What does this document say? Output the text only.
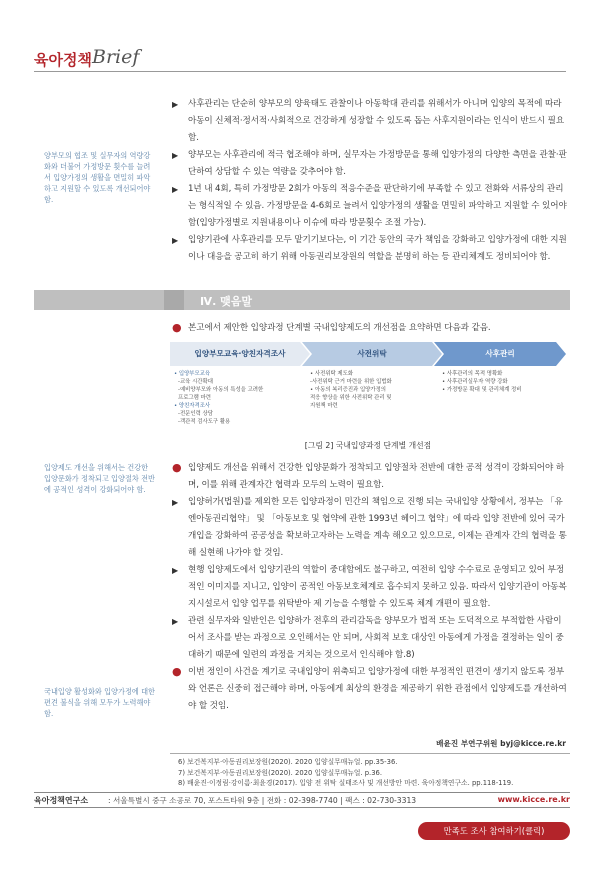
육아정책 Brief
양부모의 협조 및 실무자의 역량강화와 더불어 가정방문 횟수를 늘려서 입양가정의 생활을 면밀히 파악하고 지원할 수 있도록 개선되어야 함.
▶	사후관리는 단순히 양부모의 양육태도 관찰이나 아동학대 관리를 위해서가 아니며 입양의 목적에 따라 아동이 신체적·정서적·사회적으로 건강하게 성장할 수 있도록 돕는 사후지원이라는 인식이 반드시 필요함.
▶	양부모는 사후관리에 적극 협조해야 하며, 실무자는 가정방문을 통해 입양가정의 다양한 측면을 관찰·판단하여 상담할 수 있는 역량을 갖추어야 함.
▶	1년 내 4회, 특히 가정방문 2회가 아동의 적응수준을 판단하기에 부족할 수 있고 전화와 서류상의 관리는 형식적일 수 있음. 가정방문을 4-6회로 늘려서 입양가정의 생활을 면밀히 파악하고 지원할 수 있어야 함(입양가정별로 지원내용이나 이슈에 따라 방문횟수 조절 가능).
▶	입양기관에 사후관리를 모두 맡기기보다는, 이 기간 동안의 국가 책임을 강화하고 입양가정에 대한 지원이나 대응을 공고히 하기 위해 아동권리보장원의 역할을 분명히 하는 등 관리체계도 정비되어야 함.
Ⅳ. 맺음말
● 본고에서 제안한 입양과정 단계별 국내입양제도의 개선점을 요약하면 다음과 같음.
입양부모교육·양친자격조사	사전위탁	사후관리
• 입양부모교육
-교육 시간확대
-예비양부모와 아동의 특성을 고려한
프로그램 마련
• 양친자격조사
-전문인력 상담
-객관적 검사도구 활용
• 사전위탁 제도화
-사전위탁 근거 마련을 위한 입법화
• 아동의 복리증진과 입양가정의
적응 향상을 위한 사전위탁 관리 및
지원책 마련
• 사후관리의 목적 명확화
• 사후관리실무자 역량 강화
• 가정방문 확대 및 관리체계 정비
[그림 2] 국내입양과정 단계별 개선점
입양제도 개선을 위해서는 건강한 입양문화가 정착되고 입양절차 전반에 공적인 성격이 강화되어야 함.
국내입양 활성화와 입양가정에 대한 편견 불식을 위해 모두가 노력해야 함.
● 입양제도 개선을 위해서 건강한 입양문화가 정착되고 입양절차 전반에 대한 공적 성격이 강화되어야 하며, 이를 위해 관계자간 협력과 모두의 노력이 필요함.
▶	입양허가(법원)를 제외한 모든 입양과정이 민간의 책임으로 진행 되는 국내입양 상황에서, 정부는 「유엔아동권리협약」 및 「아동보호 및 협약에 관한 1993년 헤이그 협약」에 따라 입양 전반에 있어 국가 개입을 강화하여 공공성을 확보하고자하는 노력을 계속 해오고 있으므로, 이제는 관계자 간의 협력을 통해 실현해 나가야 할 것임.
▶	현행 입양제도에서 입양기관의 역할이 중대함에도 불구하고, 여전히 입양 수수료로 운영되고 있어 부정적인 이미지를 지니고, 입양이 공적인 아동보호체계로 흡수되지 못하고 있음. 따라서 입양기관이 아동복지시설로서 입양 업무를 위탁받아 제 기능을 수행할 수 있도록 체계 개편이 필요함.
▶	관련 실무자와 일반인은 입양하가 전후의 관리감독을 양부모가 법적 또는 도덕적으로 부적합한 사람이어서 조사를 받는 과정으로 오인해서는 안 되며, 사회적 보호 대상인 아동에게 가정을 결정하는 일이 중대하기 때문에 일련의 과정을 거치는 것으로서 인식해야 함.8)
● 이번 정인이 사건을 계기로 국내입양이 위축되고 입양가정에 대한 부정적인 편견이 생기지 않도록 정부와 언론은 신중히 접근해야 하며, 아동에게 최상의 환경을 제공하기 위한 관점에서 입양제도를 개선하여야 할 것임.
배윤진 부연구위원 byj@kicce.re.kr
6) 보건복지부·아동권리보장원(2020). 2020 입양실무매뉴얼. pp.35-36.
7) 보건복지부·아동권리보장원(2020). 2020 입양실무매뉴얼. p.36.
8) 배윤진·이정림·강이름·최윤경(2017). 입양 전 위탁 실태조사 및 개선방안 마련. 육아정책연구소. pp.118-119.
육아정책연구소	: 서울특별시 중구 소공로 70, 포스트타워 9층 | 전화 : 02-398-7740 | 팩스 : 02-730-3313	www.kicce.re.kr
만족도 조사 참여하기(클릭)
